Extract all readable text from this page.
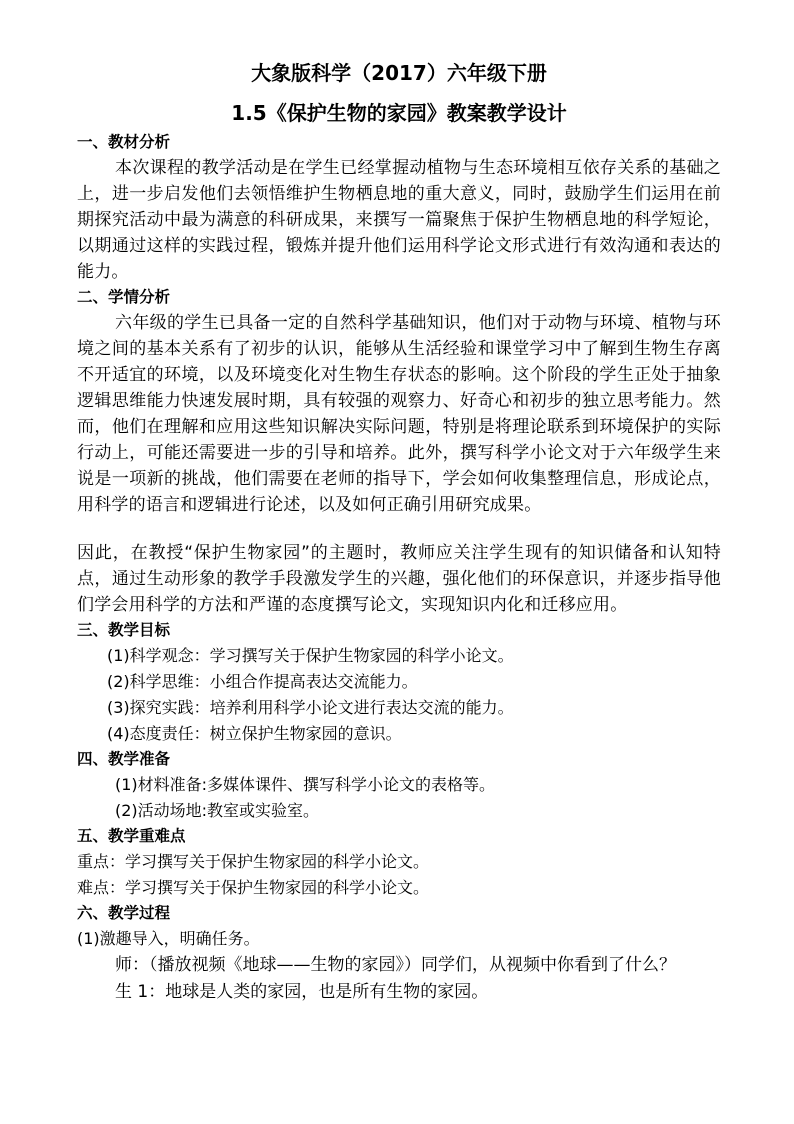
大象版科学（2017）六年级下册

1.5《保护生物的家园》教案教学设计

一、教材分析

本次课程的教学活动是在学生已经掌握动植物与生态环境相互依存关系的基础之上，进一步启发他们去领悟维护生物栖息地的重大意义，同时，鼓励学生们运用在前期探究活动中最为满意的科研成果，来撰写一篇聚焦于保护生物栖息地的科学短论，以期通过这样的实践过程，锻炼并提升他们运用科学论文形式进行有效沟通和表达的能力。

二、学情分析

六年级的学生已具备一定的自然科学基础知识，他们对于动物与环境、植物与环境之间的基本关系有了初步的认识，能够从生活经验和课堂学习中了解到生物生存离不开适宜的环境，以及环境变化对生物生存状态的影响。这个阶段的学生正处于抽象逻辑思维能力快速发展时期，具有较强的观察力、好奇心和初步的独立思考能力。然而，他们在理解和应用这些知识解决实际问题，特别是将理论联系到环境保护的实际行动上，可能还需要进一步的引导和培养。此外，撰写科学小论文对于六年级学生来说是一项新的挑战，他们需要在老师的指导下，学会如何收集整理信息，形成论点，用科学的语言和逻辑进行论述，以及如何正确引用研究成果。

因此，在教授“保护生物家园”的主题时，教师应关注学生现有的知识储备和认知特点，通过生动形象的教学手段激发学生的兴趣，强化他们的环保意识，并逐步指导他们学会用科学的方法和严谨的态度撰写论文，实现知识内化和迁移应用。

三、教学目标

(1)科学观念：学习撰写关于保护生物家园的科学小论文。

(2)科学思维：小组合作提高表达交流能力。

(3)探究实践：培养利用科学小论文进行表达交流的能力。

(4)态度责任：树立保护生物家园的意识。

四、教学准备

(1)材料准备:多媒体课件、撰写科学小论文的表格等。

(2)活动场地:教室或实验室。

五、教学重难点

重点：学习撰写关于保护生物家园的科学小论文。

难点：学习撰写关于保护生物家园的科学小论文。

六、教学过程

(1)激趣导入，明确任务。

师：（播放视频《地球——生物的家园》）同学们，从视频中你看到了什么？

生 1：地球是人类的家园，也是所有生物的家园。
